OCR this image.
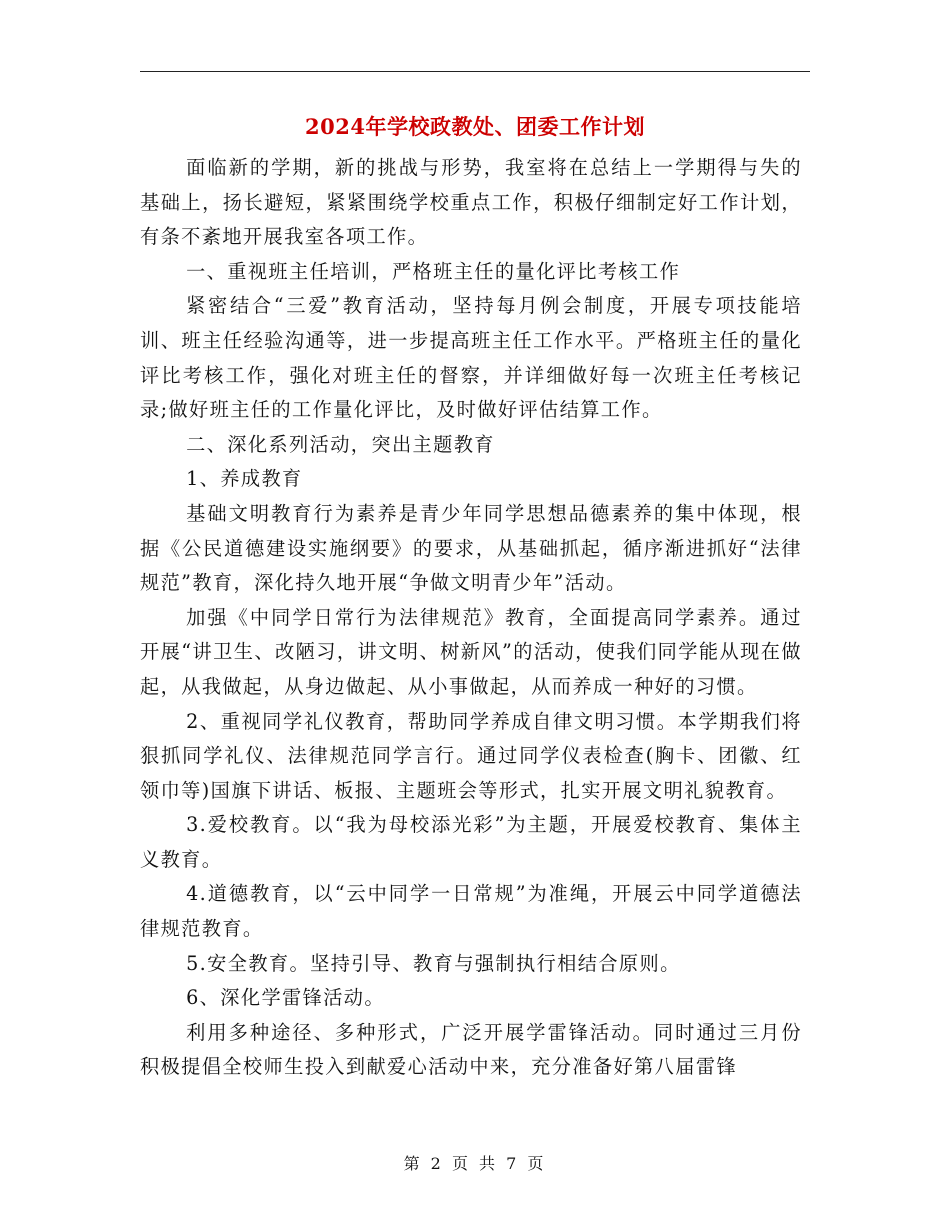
2024年学校政教处、团委工作计划

面临新的学期，新的挑战与形势，我室将在总结上一学期得与失的基础上，扬长避短，紧紧围绕学校重点工作，积极仔细制定好工作计划，有条不紊地开展我室各项工作。

一、重视班主任培训，严格班主任的量化评比考核工作

紧密结合“三爱”教育活动，坚持每月例会制度，开展专项技能培训、班主任经验沟通等，进一步提高班主任工作水平。严格班主任的量化评比考核工作，强化对班主任的督察，并详细做好每一次班主任考核记录;做好班主任的工作量化评比，及时做好评估结算工作。

二、深化系列活动，突出主题教育

1、养成教育

基础文明教育行为素养是青少年同学思想品德素养的集中体现，根据《公民道德建设实施纲要》的要求，从基础抓起，循序渐进抓好“法律规范”教育，深化持久地开展“争做文明青少年”活动。

加强《中同学日常行为法律规范》教育，全面提高同学素养。通过开展“讲卫生、改陋习，讲文明、树新风”的活动，使我们同学能从现在做起，从我做起，从身边做起、从小事做起，从而养成一种好的习惯。

2、重视同学礼仪教育，帮助同学养成自律文明习惯。本学期我们将狠抓同学礼仪、法律规范同学言行。通过同学仪表检查(胸卡、团徽、红领巾等)国旗下讲话、板报、主题班会等形式，扎实开展文明礼貌教育。

3.爱校教育。以“我为母校添光彩”为主题，开展爱校教育、集体主义教育。

4.道德教育，以“云中同学一日常规”为准绳，开展云中同学道德法律规范教育。

5.安全教育。坚持引导、教育与强制执行相结合原则。

6、深化学雷锋活动。

利用多种途径、多种形式，广泛开展学雷锋活动。同时通过三月份积极提倡全校师生投入到献爱心活动中来，充分准备好第八届雷锋

第 2 页 共 7 页
